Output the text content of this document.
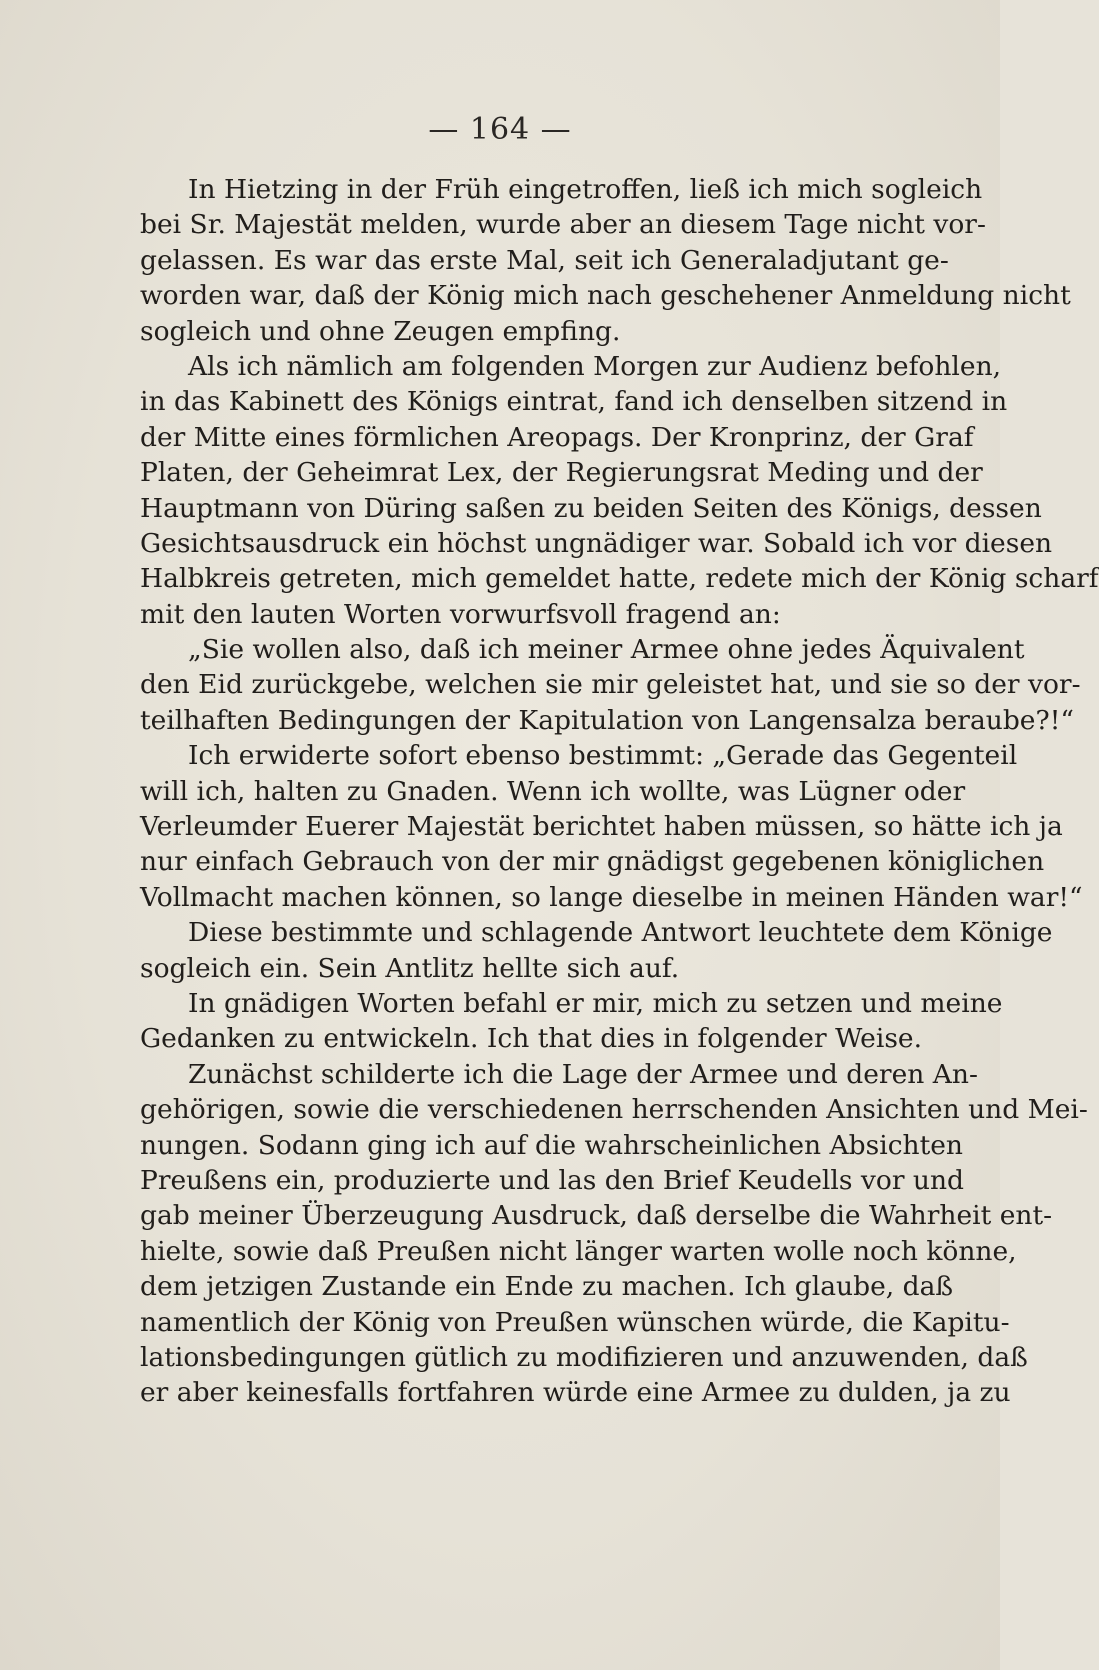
— 164 —
In Hietzing in der Früh eingetroffen, ließ ich mich sogleich
bei Sr. Majestät melden, wurde aber an diesem Tage nicht vor-
gelassen. Es war das erste Mal, seit ich Generaladjutant ge-
worden war, daß der König mich nach geschehener Anmeldung nicht
sogleich und ohne Zeugen empfing.
Als ich nämlich am folgenden Morgen zur Audienz befohlen,
in das Kabinett des Königs eintrat, fand ich denselben sitzend in
der Mitte eines förmlichen Areopags. Der Kronprinz, der Graf
Platen, der Geheimrat Lex, der Regierungsrat Meding und der
Hauptmann von Düring saßen zu beiden Seiten des Königs, dessen
Gesichtsausdruck ein höchst ungnädiger war. Sobald ich vor diesen
Halbkreis getreten, mich gemeldet hatte, redete mich der König scharf
mit den lauten Worten vorwurfsvoll fragend an:
„Sie wollen also, daß ich meiner Armee ohne jedes Äquivalent
den Eid zurückgebe, welchen sie mir geleistet hat, und sie so der vor-
teilhaften Bedingungen der Kapitulation von Langensalza beraube?!“
Ich erwiderte sofort ebenso bestimmt: „Gerade das Gegenteil
will ich, halten zu Gnaden. Wenn ich wollte, was Lügner oder
Verleumder Euerer Majestät berichtet haben müssen, so hätte ich ja
nur einfach Gebrauch von der mir gnädigst gegebenen königlichen
Vollmacht machen können, so lange dieselbe in meinen Händen war!“
Diese bestimmte und schlagende Antwort leuchtete dem Könige
sogleich ein. Sein Antlitz hellte sich auf.
In gnädigen Worten befahl er mir, mich zu setzen und meine
Gedanken zu entwickeln. Ich that dies in folgender Weise.
Zunächst schilderte ich die Lage der Armee und deren An-
gehörigen, sowie die verschiedenen herrschenden Ansichten und Mei-
nungen. Sodann ging ich auf die wahrscheinlichen Absichten
Preußens ein, produzierte und las den Brief Keudells vor und
gab meiner Überzeugung Ausdruck, daß derselbe die Wahrheit ent-
hielte, sowie daß Preußen nicht länger warten wolle noch könne,
dem jetzigen Zustande ein Ende zu machen. Ich glaube, daß
namentlich der König von Preußen wünschen würde, die Kapitu-
lationsbedingungen gütlich zu modifizieren und anzuwenden, daß
er aber keinesfalls fortfahren würde eine Armee zu dulden, ja zu
